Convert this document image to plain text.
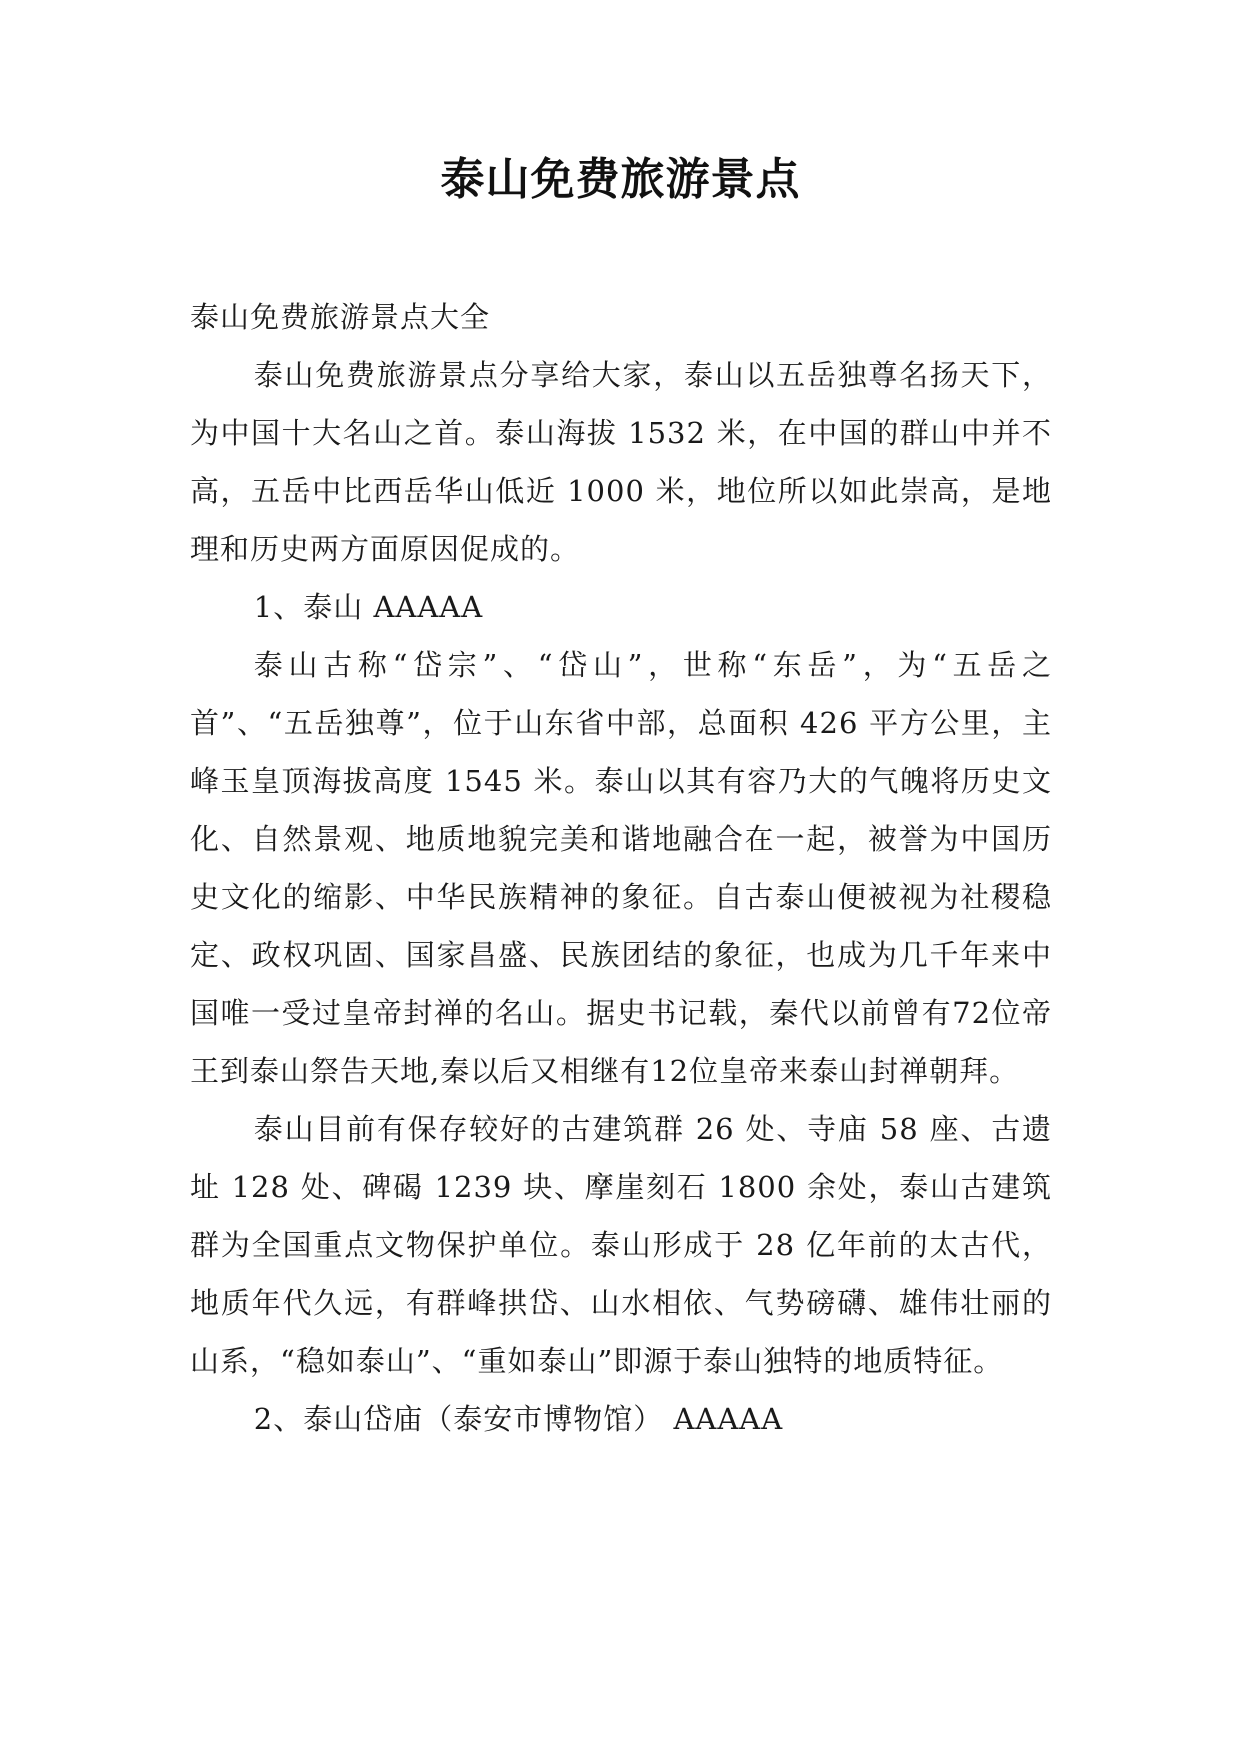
泰山免费旅游景点

泰山免费旅游景点大全

泰山免费旅游景点分享给大家，泰山以五岳独尊名扬天下，为中国十大名山之首。泰山海拔 1532 米，在中国的群山中并不高，五岳中比西岳华山低近 1000 米，地位所以如此崇高，是地理和历史两方面原因促成的。

1、泰山 AAAAA

泰山古称“岱宗”、“岱山”，世称“东岳”，为“五岳之首”、“五岳独尊”，位于山东省中部，总面积 426 平方公里，主峰玉皇顶海拔高度 1545 米。泰山以其有容乃大的气魄将历史文化、自然景观、地质地貌完美和谐地融合在一起，被誉为中国历史文化的缩影、中华民族精神的象征。自古泰山便被视为社稷稳定、政权巩固、国家昌盛、民族团结的象征，也成为几千年来中国唯一受过皇帝封禅的名山。据史书记载，秦代以前曾有72位帝王到泰山祭告天地,秦以后又相继有12位皇帝来泰山封禅朝拜。

泰山目前有保存较好的古建筑群 26 处、寺庙 58 座、古遗址 128 处、碑碣 1239 块、摩崖刻石 1800 余处，泰山古建筑群为全国重点文物保护单位。泰山形成于 28 亿年前的太古代，地质年代久远，有群峰拱岱、山水相依、气势磅礴、雄伟壮丽的山系，“稳如泰山”、“重如泰山”即源于泰山独特的地质特征。

2、泰山岱庙（泰安市博物馆） AAAAA
